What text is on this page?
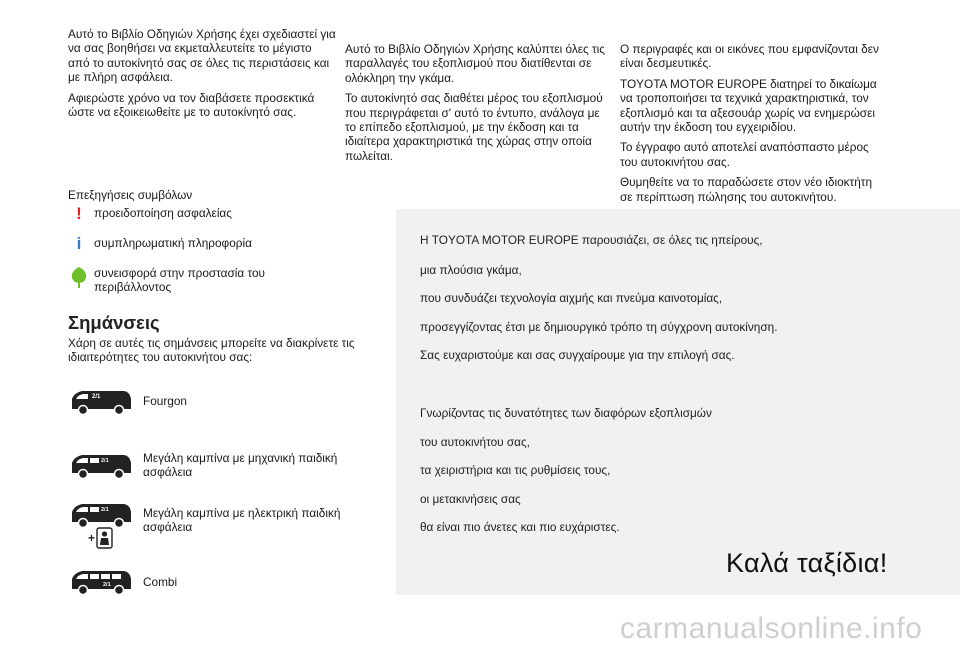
Αυτό το Βιβλίο Οδηγιών Χρήσης έχει σχεδιαστεί για να σας βοηθήσει να εκμεταλλευτείτε το μέγιστο από το αυτοκίνητό σας σε όλες τις περιστάσεις και με πλήρη ασφάλεια.

Αφιερώστε χρόνο να τον διαβάσετε προσεκτικά ώστε να εξοικειωθείτε με το αυτοκίνητό σας.

Αυτό το Βιβλίο Οδηγιών Χρήσης καλύπτει όλες τις παραλλαγές του εξοπλισμού που διατίθενται σε ολόκληρη την γκάμα.

Το αυτοκίνητό σας διαθέτει μέρος του εξοπλισμού που περιγράφεται σ' αυτό το έντυπο, ανάλογα με το επίπεδο εξοπλισμού, με την έκδοση και τα ιδιαίτερα χαρακτηριστικά της χώρας στην οποία πωλείται.

Ο περιγραφές και οι εικόνες που εμφανίζονται δεν είναι δεσμευτικές.

TOYOTA MOTOR EUROPE διατηρεί το δικαίωμα να τροποποιήσει τα τεχνικά χαρακτηριστικά, τον εξοπλισμό και τα αξεσουάρ χωρίς να ενημερώσει αυτήν την έκδοση του εγχειριδίου.

Το έγγραφο αυτό αποτελεί αναπόσπαστο μέρος του αυτοκινήτου σας.

Θυμηθείτε να το παραδώσετε στον νέο ιδιοκτήτη σε περίπτωση πώλησης του αυτοκινήτου.

Επεξηγήσεις συμβόλων
!	προειδοποίηση ασφαλείας
i	συμπληρωματική πληροφορία
συνεισφορά στην προστασία του περιβάλλοντος
Σημάνσεις
Χάρη σε αυτές τις σημάνσεις μπορείτε να διακρίνετε τις ιδιαιτερότητες του αυτοκινήτου σας:
2/1	Fourgon
2/1	Μεγάλη καμπίνα με μηχανική παιδική ασφάλεια
2/1
+
Μεγάλη καμπίνα με ηλεκτρική παιδική ασφάλεια
2/1	Combi
Η TOYOTA MOTOR EUROPE παρουσιάζει, σε όλες τις ηπείρους,
μια πλούσια γκάμα,
που συνδυάζει τεχνολογία αιχμής και πνεύμα καινοτομίας,
προσεγγίζοντας έτσι με δημιουργικό τρόπο τη σύγχρονη αυτοκίνηση.
Σας ευχαριστούμε και σας συγχαίρουμε για την επιλογή σας.
Γνωρίζοντας τις δυνατότητες των διαφόρων εξοπλισμών
του αυτοκινήτου σας,
τα χειριστήρια και τις ρυθμίσεις τους,
οι μετακινήσεις σας
θα είναι πιο άνετες και πιο ευχάριστες.
Καλά ταξίδια!
carmanualsonline.info
